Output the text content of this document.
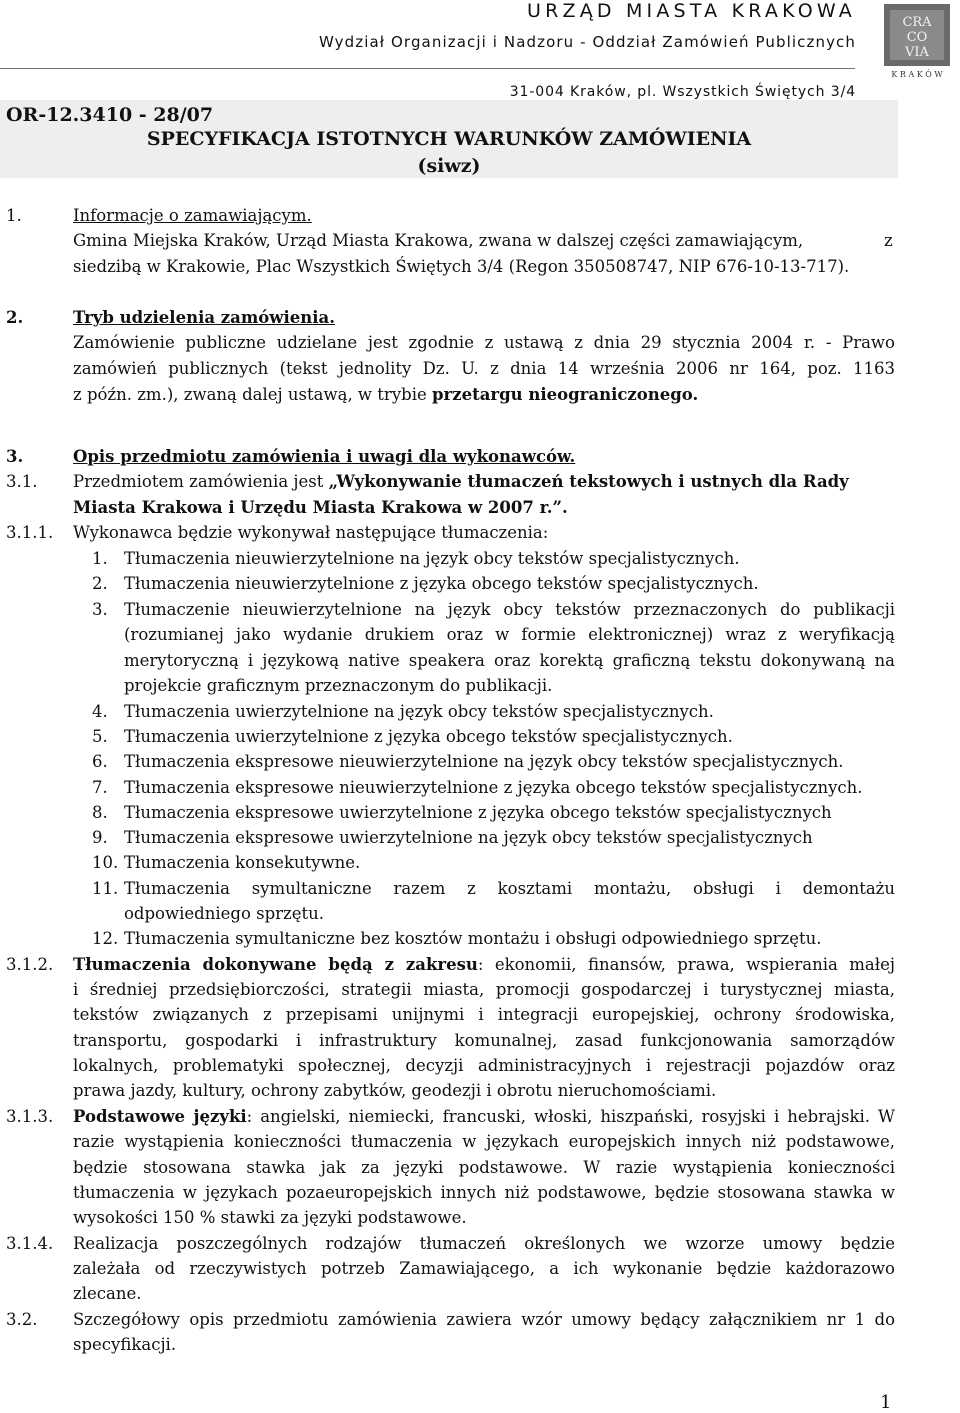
URZĄD MIASTA KRAKOWA
Wydział Organizacji i Nadzoru - Oddział Zamówień Publicznych
31-004 Kraków, pl. Wszystkich Świętych 3/4
CRA
CO
VIA
K R A K Ó W
OR-12.3410 - 28/07
SPECYFIKACJA ISTOTNYCH WARUNKÓW ZAMÓWIENIA
(siwz)
1.	Informacje o zamawiającym.
Gmina Miejska Kraków, Urząd Miasta Krakowa, zwana w dalszej części zamawiającym,	z
siedzibą w Krakowie, Plac Wszystkich Świętych 3/4 (Regon 350508747, NIP 676-10-13-717).
2.	Tryb udzielenia zamówienia.
Zamówienie publiczne udzielane jest zgodnie z ustawą z dnia 29 stycznia 2004 r. - Prawo
zamówień publicznych (tekst jednolity Dz. U. z dnia 14 września 2006 nr 164, poz. 1163
z późn. zm.), zwaną dalej ustawą, w trybie przetargu nieograniczonego.
3.	Opis przedmiotu zamówienia i uwagi dla wykonawców.
3.1. Przedmiotem zamówienia jest „Wykonywanie tłumaczeń tekstowych i ustnych dla Rady
Miasta Krakowa i Urzędu Miasta Krakowa w 2007 r.”.
3.1.1. Wykonawca będzie wykonywał następujące tłumaczenia:
1. Tłumaczenia nieuwierzytelnione na język obcy tekstów specjalistycznych.
2. Tłumaczenia nieuwierzytelnione z języka obcego tekstów specjalistycznych.
3. Tłumaczenie nieuwierzytelnione na język obcy tekstów przeznaczonych do publikacji
(rozumianej jako wydanie drukiem oraz w formie elektronicznej) wraz z weryfikacją
merytoryczną i językową native speakera oraz korektą graficzną tekstu dokonywaną na
projekcie graficznym przeznaczonym do publikacji.
4. Tłumaczenia uwierzytelnione na język obcy tekstów specjalistycznych.
5. Tłumaczenia uwierzytelnione z języka obcego tekstów specjalistycznych.
6. Tłumaczenia ekspresowe nieuwierzytelnione na język obcy tekstów specjalistycznych.
7. Tłumaczenia ekspresowe nieuwierzytelnione z języka obcego tekstów specjalistycznych.
8. Tłumaczenia ekspresowe uwierzytelnione z języka obcego tekstów specjalistycznych
9. Tłumaczenia ekspresowe uwierzytelnione na język obcy tekstów specjalistycznych
10. Tłumaczenia konsekutywne.
11. Tłumaczenia symultaniczne razem z kosztami montażu, obsługi i demontażu
odpowiedniego sprzętu.
12. Tłumaczenia symultaniczne bez kosztów montażu i obsługi odpowiedniego sprzętu.
3.1.2. Tłumaczenia dokonywane będą z zakresu: ekonomii, finansów, prawa, wspierania małej
i średniej przedsiębiorczości, strategii miasta, promocji gospodarczej i turystycznej miasta,
tekstów związanych z przepisami unijnymi i integracji europejskiej, ochrony środowiska,
transportu, gospodarki i infrastruktury komunalnej, zasad funkcjonowania samorządów
lokalnych, problematyki społecznej, decyzji administracyjnych i rejestracji pojazdów oraz
prawa jazdy, kultury, ochrony zabytków, geodezji i obrotu nieruchomościami.
3.1.3. Podstawowe języki: angielski, niemiecki, francuski, włoski, hiszpański, rosyjski i hebrajski. W
razie wystąpienia konieczności tłumaczenia w językach europejskich innych niż podstawowe,
będzie stosowana stawka jak za języki podstawowe. W razie wystąpienia konieczności
tłumaczenia w językach pozaeuropejskich innych niż podstawowe, będzie stosowana stawka w
wysokości 150 % stawki za języki podstawowe.
3.1.4. Realizacja poszczególnych rodzajów tłumaczeń określonych we wzorze umowy będzie
zależała od rzeczywistych potrzeb Zamawiającego, a ich wykonanie będzie każdorazowo
zlecane.
3.2. Szczegółowy opis przedmiotu zamówienia zawiera wzór umowy będący załącznikiem nr 1 do
specyfikacji.
1
